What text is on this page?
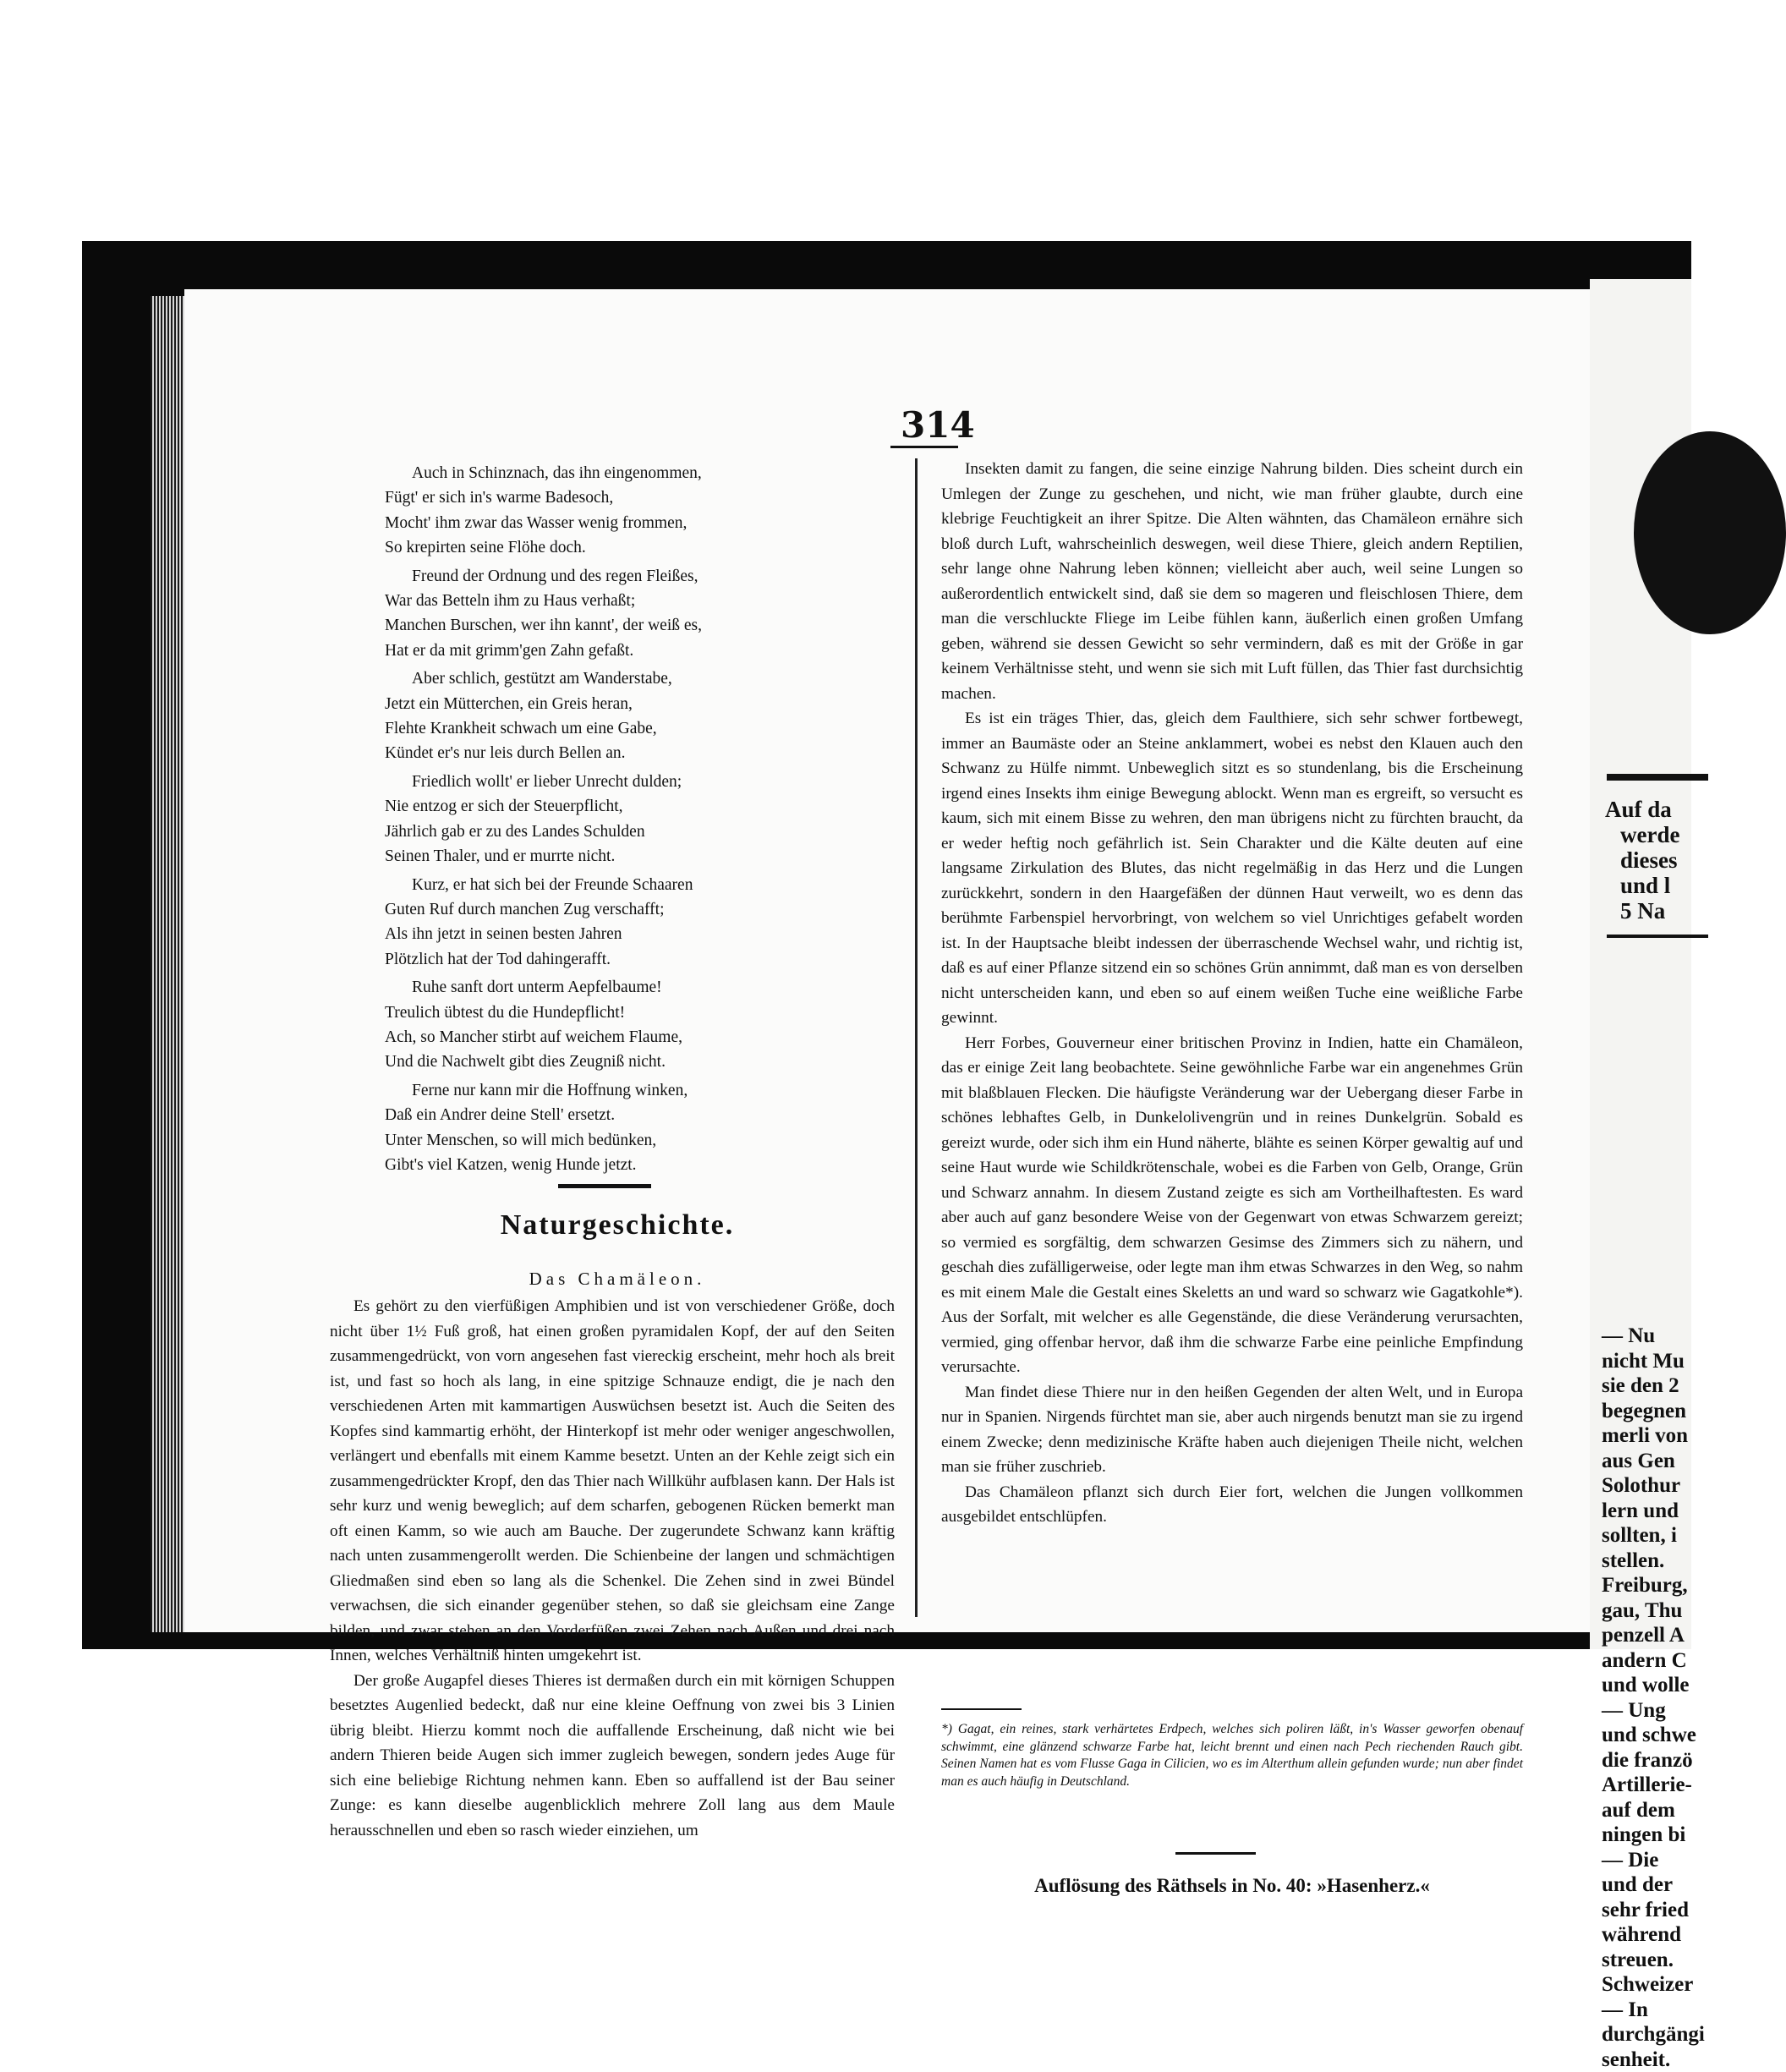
Auf da
werde
dieses
und l
5 Na
— Nu
nicht Mu
sie den 2
begegnen
merli von
aus Gen
Solothur
lern und
sollten, i
stellen.
Freiburg,
gau, Thu
penzell A
andern C
und wolle
— Ung
und schwe
die franzö
Artillerie-
auf dem
ningen bi
— Die
und der
sehr fried
während
streuen.
Schweizer
— In
durchgängi
senheit.
314
Auch in Schinznach, das ihn eingenommen,
Fügt' er sich in's warme Badesoch,
Mocht' ihm zwar das Wasser wenig frommen,
So krepirten seine Flöhe doch.
Freund der Ordnung und des regen Fleißes,
War das Betteln ihm zu Haus verhaßt;
Manchen Burschen, wer ihn kannt', der weiß es,
Hat er da mit grimm'gen Zahn gefaßt.
Aber schlich, gestützt am Wanderstabe,
Jetzt ein Mütterchen, ein Greis heran,
Flehte Krankheit schwach um eine Gabe,
Kündet er's nur leis durch Bellen an.
Friedlich wollt' er lieber Unrecht dulden;
Nie entzog er sich der Steuerpflicht,
Jährlich gab er zu des Landes Schulden
Seinen Thaler, und er murrte nicht.
Kurz, er hat sich bei der Freunde Schaaren
Guten Ruf durch manchen Zug verschafft;
Als ihn jetzt in seinen besten Jahren
Plötzlich hat der Tod dahingerafft.
Ruhe sanft dort unterm Aepfelbaume!
Treulich übtest du die Hundepflicht!
Ach, so Mancher stirbt auf weichem Flaume,
Und die Nachwelt gibt dies Zeugniß nicht.
Ferne nur kann mir die Hoffnung winken,
Daß ein Andrer deine Stell' ersetzt.
Unter Menschen, so will mich bedünken,
Gibt's viel Katzen, wenig Hunde jetzt.
Naturgeschichte.
Das Chamäleon.

Es gehört zu den vierfüßigen Amphibien und ist von verschiedener Größe, doch nicht über 1½ Fuß groß, hat einen großen pyramidalen Kopf, der auf den Seiten zusammengedrückt, von vorn angesehen fast viereckig erscheint, mehr hoch als breit ist, und fast so hoch als lang, in eine spitzige Schnauze endigt, die je nach den verschiedenen Arten mit kammartigen Auswüchsen besetzt ist. Auch die Seiten des Kopfes sind kammartig erhöht, der Hinterkopf ist mehr oder weniger angeschwollen, verlängert und ebenfalls mit einem Kamme besetzt. Unten an der Kehle zeigt sich ein zusammengedrückter Kropf, den das Thier nach Willkühr aufblasen kann. Der Hals ist sehr kurz und wenig beweglich; auf dem scharfen, gebogenen Rücken bemerkt man oft einen Kamm, so wie auch am Bauche. Der zugerundete Schwanz kann kräftig nach unten zusammengerollt werden. Die Schienbeine der langen und schmächtigen Gliedmaßen sind eben so lang als die Schenkel. Die Zehen sind in zwei Bündel verwachsen, die sich einander gegenüber stehen, so daß sie gleichsam eine Zange bilden, und zwar stehen an den Vorderfüßen zwei Zehen nach Außen und drei nach Innen, welches Verhältniß hinten umgekehrt ist.

Der große Augapfel dieses Thieres ist dermaßen durch ein mit körnigen Schuppen besetztes Augenlied bedeckt, daß nur eine kleine Oeffnung von zwei bis 3 Linien übrig bleibt. Hierzu kommt noch die auffallende Erscheinung, daß nicht wie bei andern Thieren beide Augen sich immer zugleich bewegen, sondern jedes Auge für sich eine beliebige Richtung nehmen kann. Eben so auffallend ist der Bau seiner Zunge: es kann dieselbe augenblicklich mehrere Zoll lang aus dem Maule herausschnellen und eben so rasch wieder einziehen, um

Insekten damit zu fangen, die seine einzige Nahrung bilden. Dies scheint durch ein Umlegen der Zunge zu geschehen, und nicht, wie man früher glaubte, durch eine klebrige Feuchtigkeit an ihrer Spitze. Die Alten wähnten, das Chamäleon ernähre sich bloß durch Luft, wahrscheinlich deswegen, weil diese Thiere, gleich andern Reptilien, sehr lange ohne Nahrung leben können; vielleicht aber auch, weil seine Lungen so außerordentlich entwickelt sind, daß sie dem so mageren und fleischlosen Thiere, dem man die verschluckte Fliege im Leibe fühlen kann, äußerlich einen großen Umfang geben, während sie dessen Gewicht so sehr vermindern, daß es mit der Größe in gar keinem Verhältnisse steht, und wenn sie sich mit Luft füllen, das Thier fast durchsichtig machen.

Es ist ein träges Thier, das, gleich dem Faulthiere, sich sehr schwer fortbewegt, immer an Baumäste oder an Steine anklammert, wobei es nebst den Klauen auch den Schwanz zu Hülfe nimmt. Unbeweglich sitzt es so stundenlang, bis die Erscheinung irgend eines Insekts ihm einige Bewegung ablockt. Wenn man es ergreift, so versucht es kaum, sich mit einem Bisse zu wehren, den man übrigens nicht zu fürchten braucht, da er weder heftig noch gefährlich ist. Sein Charakter und die Kälte deuten auf eine langsame Zirkulation des Blutes, das nicht regelmäßig in das Herz und die Lungen zurückkehrt, sondern in den Haargefäßen der dünnen Haut verweilt, wo es denn das berühmte Farbenspiel hervorbringt, von welchem so viel Unrichtiges gefabelt worden ist. In der Hauptsache bleibt indessen der überraschende Wechsel wahr, und richtig ist, daß es auf einer Pflanze sitzend ein so schönes Grün annimmt, daß man es von derselben nicht unterscheiden kann, und eben so auf einem weißen Tuche eine weißliche Farbe gewinnt.

Herr Forbes, Gouverneur einer britischen Provinz in Indien, hatte ein Chamäleon, das er einige Zeit lang beobachtete. Seine gewöhnliche Farbe war ein angenehmes Grün mit blaßblauen Flecken. Die häufigste Veränderung war der Uebergang dieser Farbe in schönes lebhaftes Gelb, in Dunkelolivengrün und in reines Dunkelgrün. Sobald es gereizt wurde, oder sich ihm ein Hund näherte, blähte es seinen Körper gewaltig auf und seine Haut wurde wie Schildkrötenschale, wobei es die Farben von Gelb, Orange, Grün und Schwarz annahm. In diesem Zustand zeigte es sich am Vortheilhaftesten. Es ward aber auch auf ganz besondere Weise von der Gegenwart von etwas Schwarzem gereizt; so vermied es sorgfältig, dem schwarzen Gesimse des Zimmers sich zu nähern, und geschah dies zufälligerweise, oder legte man ihm etwas Schwarzes in den Weg, so nahm es mit einem Male die Gestalt eines Skeletts an und ward so schwarz wie Gagatkohle*). Aus der Sorfalt, mit welcher es alle Gegenstände, die diese Veränderung verursachten, vermied, ging offenbar hervor, daß ihm die schwarze Farbe eine peinliche Empfindung verursachte.

Man findet diese Thiere nur in den heißen Gegenden der alten Welt, und in Europa nur in Spanien. Nirgends fürchtet man sie, aber auch nirgends benutzt man sie zu irgend einem Zwecke; denn medizinische Kräfte haben auch diejenigen Theile nicht, welchen man sie früher zuschrieb.

Das Chamäleon pflanzt sich durch Eier fort, welchen die Jungen vollkommen ausgebildet entschlüpfen.

*) Gagat, ein reines, stark verhärtetes Erdpech, welches sich poliren läßt, in's Wasser geworfen obenauf schwimmt, eine glänzend schwarze Farbe hat, leicht brennt und einen nach Pech riechenden Rauch gibt. Seinen Namen hat es vom Flusse Gaga in Cilicien, wo es im Alterthum allein gefunden wurde; nun aber findet man es auch häufig in Deutschland.
Auflösung des Räthsels in No. 40: »Hasenherz.«
